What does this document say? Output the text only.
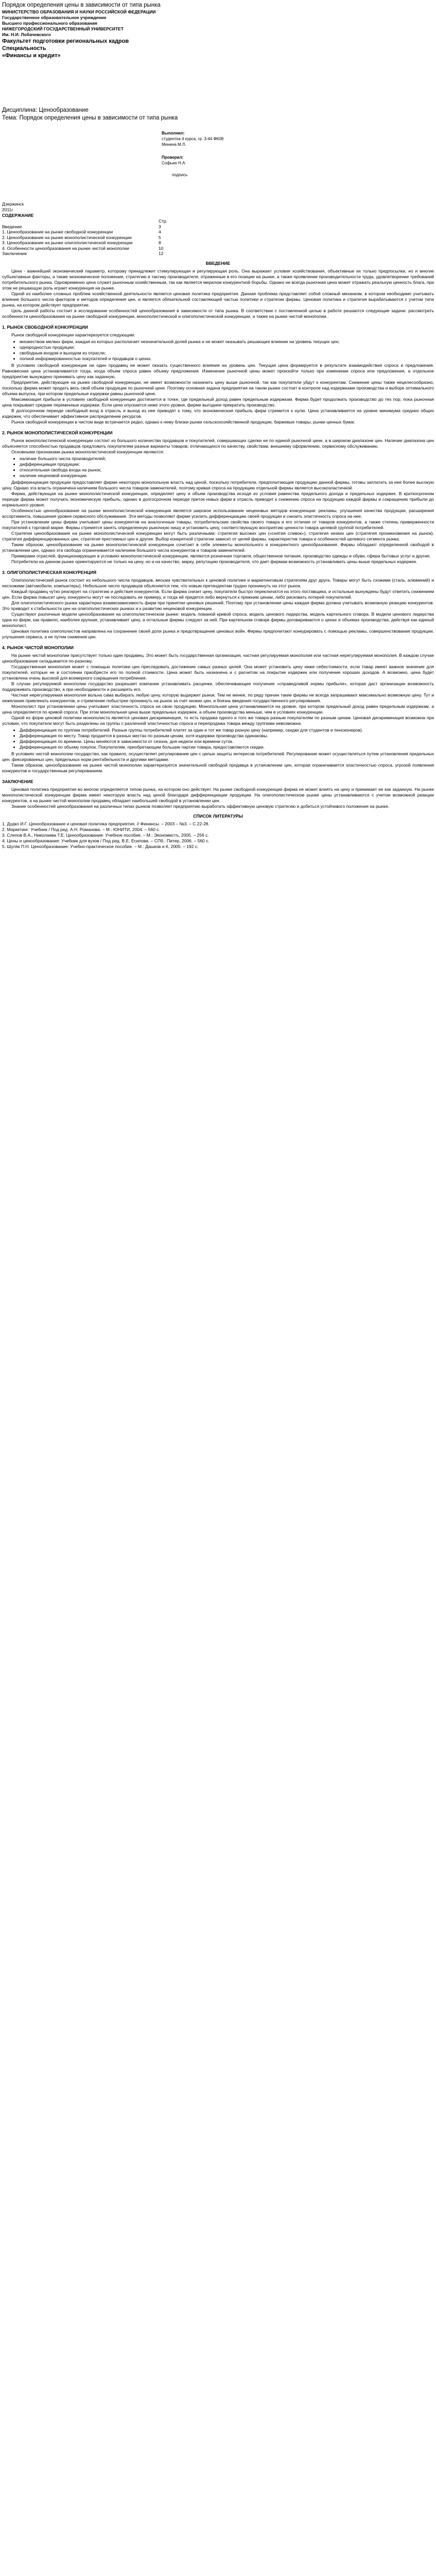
Порядок определения цены в зависимости от типа рынка

МИНИСТЕРСТВО ОБРАЗОВАНИЯ И НАУКИ РОССИЙСКОЙ ФЕДЕРАЦИИ

Государственное образовательное учреждение

Высшего профессионального образования

НИЖЕГОРОДСКИЙ ГОСУДАРСТВЕННЫЙ УНИВЕРСИТЕТ

Им. Н.И. Лобачевского

Факультет подготовки региональных кадров

Специальность

«Финансы и кредит»

Дисциплина: Ценообразование

Тема: Порядок определения цены в зависимости от типа рынка

Выполнил:

студентка 4 курса, гр. 3-44 ФК08

Минина М.Л.

Проверил:

Софьин Н.А.

подпись

Дзержинск

2011г.

СОДЕРЖАНИЕ

Стр.
Введение	3
1. Ценообразование на рынке свободной конкуренции	4
2. Ценообразование на рынке монополистической конкуренции	5
3. Ценообразование на рынке олигополистической конкуренции	8
4. Особенности ценообразования на рынке чистой монополии	10
Заключение	12
ВВЕДЕНИЕ

Цена - важнейший экономический параметр, которому принадлежит стимулирующая и регулирующая роль. Она выражает условия хозяйствования, объективные их только предпосылки, но и многие субъективные факторы, а также экономическое положение, стратегию и тактику производителя, отраженные в его позиции на рынке, а также проявление производительности труда, удовлетворение требований потребительского рынка. Одновременно цена служит рыночным хозяйственным, так как является мерилом конкурентной борьбы. Однако не всегда рыночная цена может отражать реальную ценность блага, при этом не решающую роль играет конкуренция на рынке.

Одной из наиболее сложных проблем хозяйственной деятельности является ценовая политика предприятия. Данная проблема представляет собой сложный механизм, в котором необходимо учитывать влияние большого числа факторов и методов определения цен, и является обязательной составляющей частью политики и стратегии фирмы. Ценовая политика и стратегия вырабатываются с учетом типа рынка, на котором действует предприятие.

Цель данной работы состоит в исследовании особенностей ценообразования в зависимости от типа рынка. В соответствии с поставленной целью в работе решаются следующие задачи: рассмотреть особенности ценообразования на рынке свободной конкуренции, монополистической и олигополистической конкуренции, а также на рынке чистой монополии.

1. РЫНОК СВОБОДНОЙ КОНКУРЕНЦИИ

Рынок свободной конкуренции характеризуется следующим:

• множеством мелких фирм, каждая из которых располагает незначительной долей рынка и не может оказывать решающее влияние на уровень текущих цен;
• однородностью продукции;
• свободным входом и выходом из отрасли;
• полной информированностью покупателей и продавцов о ценах.

В условиях свободной конкуренции ни один продавец не может оказать существенного влияния на уровень цен. Текущая цена формируется в результате взаимодействия спроса и предложения. Равновесная цена устанавливается тогда, когда объем спроса равен объему предложения. Изменение рыночной цены может произойти только при изменении спроса или предложения, а отдельное предприятие вынуждено принимать цену как заданную.

Предприятие, действующее на рынке свободной конкуренции, не имеет возможности назначить цену выше рыночной, так как покупатели уйдут к конкурентам. Снижение цены также нецелесообразно, поскольку фирма может продать весь свой объем продукции по рыночной цене. Поэтому основная задача предприятия на таком рынке состоит в контроле над издержками производства и выборе оптимального объема выпуска, при котором предельные издержки равны рыночной цене.

Максимизация прибыли в условиях свободной конкуренции достигается в точке, где предельный доход равен предельным издержкам. Фирма будет продолжать производство до тех пор, пока рыночная цена покрывает средние переменные издержки. Если цена опускается ниже этого уровня, фирме выгоднее прекратить производство.

В долгосрочном периоде свободный вход в отрасль и выход из нее приводят к тому, что экономическая прибыль фирм стремится к нулю. Цена устанавливается на уровне минимума средних общих издержек, что обеспечивает эффективное распределение ресурсов.

Рынок свободной конкуренции в чистом виде встречается редко, однако к нему близки рынки сельскохозяйственной продукции, биржевые товары, рынки ценных бумаг.

2. РЫНОК МОНОПОЛИСТИЧЕСКОЙ КОНКУРЕНЦИИ

Рынок монополистической конкуренции состоит из большого количества продавцов и покупателей, совершающих сделки не по единой рыночной цене, а в широком диапазоне цен. Наличие диапазона цен объясняется способностью продавцов предложить покупателям разные варианты товаров, отличающихся по качеству, свойствам, внешнему оформлению, сервисному обслуживанию.

Основными признаками рынка монополистической конкуренции являются:

• наличие большого числа производителей;
• дифференциация продукции;
• относительная свобода входа на рынок;
• наличие неценовой конкуренции.

Дифференциация продукции предоставляет фирме некоторую монопольную власть над ценой, поскольку потребители, предпочитающие продукцию данной фирмы, готовы заплатить за нее более высокую цену. Однако эта власть ограничена наличием большого числа товаров-заменителей, поэтому кривая спроса на продукцию отдельной фирмы является высокоэластичной.

Фирма, действующая на рынке монополистической конкуренции, определяет цену и объем производства исходя из условия равенства предельного дохода и предельных издержек. В краткосрочном периоде фирма может получать экономическую прибыль, однако в долгосрочном периоде приток новых фирм в отрасль приводит к снижению спроса на продукцию каждой фирмы и сокращению прибыли до нормального уровня.

Особенностью ценообразования на рынке монополистической конкуренции является широкое использование неценовых методов конкуренции: рекламы, улучшения качества продукции, расширения ассортимента, повышения уровня сервисного обслуживания. Эти методы позволяют фирме усилить дифференциацию своей продукции и снизить эластичность спроса на нее.

При установлении цены фирма учитывает цены конкурентов на аналогичные товары, потребительские свойства своего товара и его отличия от товаров конкурентов, а также степень приверженности покупателей к торговой марке. Фирмы стремятся занять определенную рыночную нишу и установить цену, соответствующую восприятию ценности товара целевой группой потребителей.

Стратегии ценообразования на рынке монополистической конкуренции могут быть различными: стратегия высоких цен («снятия сливок»), стратегия низких цен (стратегия проникновения на рынок), стратегия дифференцированных цен, стратегия престижных цен и другие. Выбор конкретной стратегии зависит от целей фирмы, характеристик товара и особенностей целевого сегмента рынка.

Таким образом, ценообразование на рынке монополистической конкуренции сочетает в себе элементы монопольного и конкурентного ценообразования. Фирмы обладают определенной свободой в установлении цен, однако эта свобода ограничивается наличием большого числа конкурентов и товаров-заменителей.

Примерами отраслей, функционирующих в условиях монополистической конкуренции, являются розничная торговля, общественное питание, производство одежды и обуви, сфера бытовых услуг и другие.

Потребители на данном рынке ориентируются не только на цену, но и на качество, марку, репутацию производителя, что дает фирмам возможность устанавливать цены выше предельных издержек.

3. ОЛИГОПОЛИСТИЧЕСКАЯ КОНКУРЕНЦИЯ

Олигополистический рынок состоит из небольшого числа продавцов, весьма чувствительных к ценовой политике и маркетинговым стратегиям друг друга. Товары могут быть схожими (сталь, алюминий) и несхожими (автомобили, компьютеры). Небольшое число продавцов объясняется тем, что новым претендентам трудно проникнуть на этот рынок.

Каждый продавец чутко реагирует на стратегию и действия конкурентов. Если фирма снизит цену, покупатели быстро переключатся на этого поставщика, и остальные вынуждены будут ответить снижением цен. Если фирма повысит цену, конкуренты могут не последовать ее примеру, и тогда ей придется либо вернуться к прежним ценам, либо рисковать потерей покупателей.

Для олигополистического рынка характерна взаимозависимость фирм при принятии ценовых решений. Поэтому при установлении цены каждая фирма должна учитывать возможную реакцию конкурентов. Это приводит к стабильности цен на олигополистических рынках и к развитию неценовой конкуренции.

Существуют различные модели ценообразования на олигополистическом рынке: модель ломаной кривой спроса, модель ценового лидерства, модель картельного сговора. В модели ценового лидерства одна из фирм, как правило, наиболее крупная, устанавливает цену, а остальные фирмы следуют за ней. При картельном сговоре фирмы договариваются о ценах и объемах производства, действуя как единый монополист.

Ценовая политика олигополистов направлена на сохранение своей доли рынка и предотвращение ценовых войн. Фирмы предпочитают конкурировать с помощью рекламы, совершенствования продукции, улучшения сервиса, а не путем снижения цен.

4. РЫНОК ЧИСТОЙ МОНОПОЛИИ

На рынке чистой монополии присутствует только один продавец. Это может быть государственная организация, частная регулируемая монополия или частная нерегулируемая монополия. В каждом случае ценообразование складывается по-разному.

Государственная монополия может с помощью политики цен преследовать достижение самых разных целей. Она может установить цену ниже себестоимости, если товар имеет важное значение для покупателей, которые не в состоянии приобрести его по полной стоимости. Цена может быть назначена и с расчетом на покрытие издержек или получение хороших доходов. А возможно, цена будет установлена очень высокой для всемерного сокращения потребления.

В случае регулируемой монополии государство разрешает компании устанавливать расценки, обеспечивающие получение «справедливой нормы прибыли», которая даст организации возможность поддерживать производство, а при необходимости и расширять его.

Частная нерегулируемая монополия вольна сама выбирать любую цену, которую выдержит рынок. Тем не менее, по ряду причин такие фирмы не всегда запрашивают максимально возможную цену. Тут и нежелание привлекать конкурентов, и стремление побыстрее проникнуть на рынок за счет низких цен, и боязнь введения государственного регулирования.

Монополист при установлении цены учитывает эластичность спроса на свою продукцию. Монопольная цена устанавливается на уровне, при котором предельный доход равен предельным издержкам, а цена определяется по кривой спроса. При этом монопольная цена выше предельных издержек, а объем производства меньше, чем в условиях конкуренции.

Одной из форм ценовой политики монополиста является ценовая дискриминация, то есть продажа одного и того же товара разным покупателям по разным ценам. Ценовая дискриминация возможна при условии, что покупатели могут быть разделены на группы с различной эластичностью спроса и перепродажа товара между группами невозможна.

• Дифференциация по группам потребителей. Разные группы потребителей платят за один и тот же товар разную цену (например, скидки для студентов и пенсионеров).
• Дифференциация по месту. Товар продается в разных местах по разным ценам, хотя издержки производства одинаковы.
• Дифференциация по времени. Цены меняются в зависимости от сезона, дня недели или времени суток.
• Дифференциация по объему покупок. Покупателям, приобретающим большие партии товара, предоставляются скидки.

В условиях чистой монополии государство, как правило, осуществляет регулирование цен с целью защиты интересов потребителей. Регулирование может осуществляться путем установления предельных цен, фиксированных цен, предельных норм рентабельности и другими методами.

Таким образом, ценообразование на рынке чистой монополии характеризуется значительной свободой продавца в установлении цен, которая ограничивается эластичностью спроса, угрозой появления конкурентов и государственным регулированием.

ЗАКЛЮЧЕНИЕ

Ценовая политика предприятия во многом определяется типом рынка, на котором оно действует. На рынке свободной конкуренции фирма не может влиять на цену и принимает ее как заданную. На рынке монополистической конкуренции фирма имеет некоторую власть над ценой благодаря дифференциации продукции. На олигополистическом рынке цены устанавливаются с учетом возможной реакции конкурентов, а на рынке чистой монополии продавец обладает наибольшей свободой в установлении цен.

Знание особенностей ценообразования на различных типах рынков позволяет предприятию выработать эффективную ценовую стратегию и добиться устойчивого положения на рынке.

СПИСОК ЛИТЕРАТУРЫ

1. Дудко И.Г. Ценообразование и ценовая политика предприятия. // Финансы. – 2003 – №3. – С.22-28.

2. Маркетинг: Учебник / Под ред. А.Н. Романова. – М.: ЮНИТИ, 2004. – 560 с.

3. Слепов В.А., Николаева Т.Е. Ценообразование: Учебное пособие. – М.: Экономистъ, 2005. – 256 с.

4. Цены и ценообразование: Учебник для вузов / Под ред. В.Е. Есипова. – СПб.: Питер, 2006. – 560 с.

5. Шуляк П.Н. Ценообразование: Учебно-практическое пособие. – М.: Дашков и К, 2005. – 192 с.
